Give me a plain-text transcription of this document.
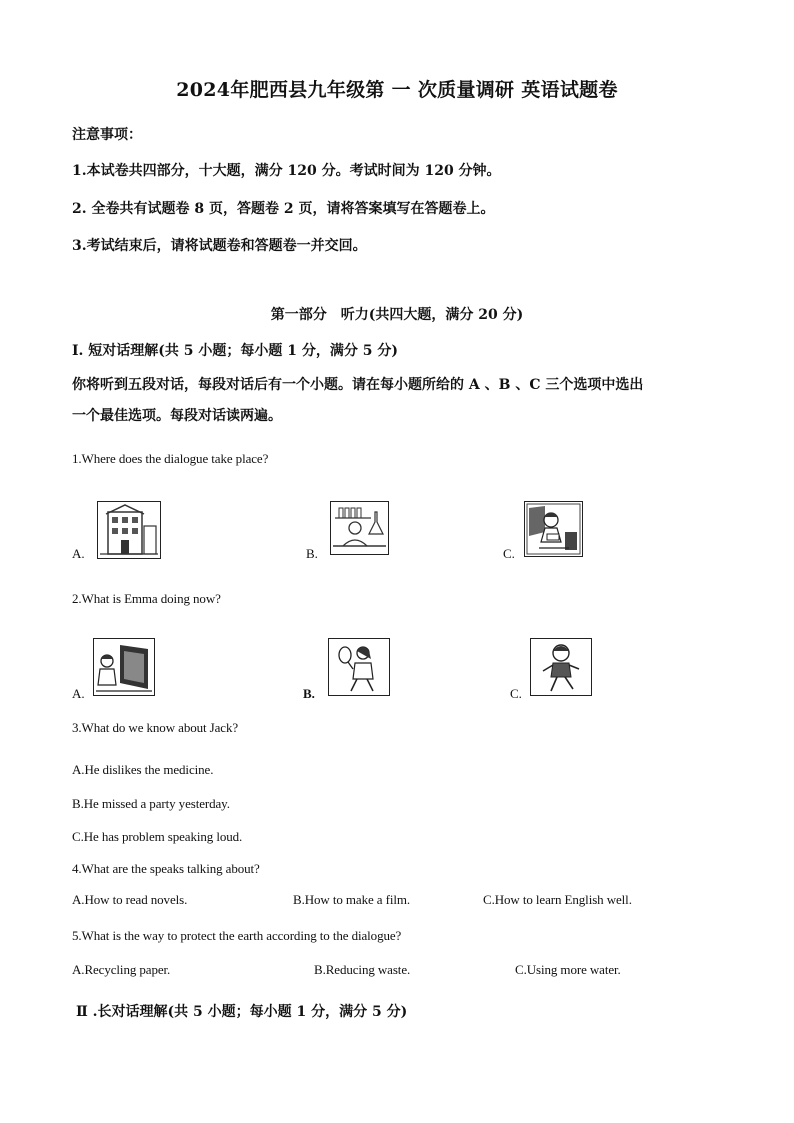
2024年肥西县九年级第 一 次质量调研 英语试题卷
注意事项：
1.本试卷共四部分，十大题，满分 120 分。考试时间为 120 分钟。
2. 全卷共有试题卷 8 页，答题卷 2 页，请将答案填写在答题卷上。
3.考试结束后，请将试题卷和答题卷一并交回。
第一部分　听力(共四大题，满分 20 分)
I. 短对话理解(共 5 小题；每小题 1 分，满分 5 分)
你将听到五段对话，每段对话后有一个小题。请在每小题所给的 A 、B 、C 三个选项中选出
一个最佳选项。每段对话读两遍。
1.Where does the dialogue take place?
A.	B.	C.
2.What is Emma doing now?
A.	B.	C.
3.What do we know about Jack?
A.He dislikes the medicine.
B.He missed a party yesterday.
C.He has problem speaking loud.
4.What are the speaks talking about?
A.How to read novels.	B.How to make a film.	C.How to learn English well.
5.What is the way to protect the earth according to the dialogue?
A.Recycling paper.	B.Reducing waste.	C.Using more water.
Ⅱ .长对话理解(共 5 小题；每小题 1 分，满分 5 分)
